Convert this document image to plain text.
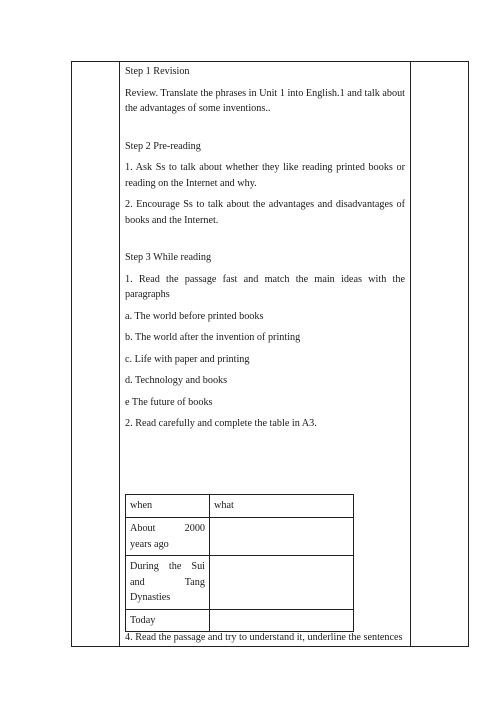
Step 1 Revision

Review. Translate the phrases in Unit 1 into English.1 and talk about

the advantages of some inventions..

Step 2 Pre-reading

1. Ask Ss to talk about whether they like reading printed books or

reading on the Internet and why.

2. Encourage Ss to talk about the advantages and disadvantages of

books and the Internet.

Step 3 While reading

1. Read the passage fast and match the main ideas with the

paragraphs

a. The world before printed books

b. The world after the invention of printing

c. Life with paper and printing

d. Technology and books

e The future of books

2. Read carefully and complete the table in A3.

when	what

About 2000
years ago	

During the Sui
and Tang
Dynasties	

Today	
4. Read the passage and try to understand it, underline the sentences
